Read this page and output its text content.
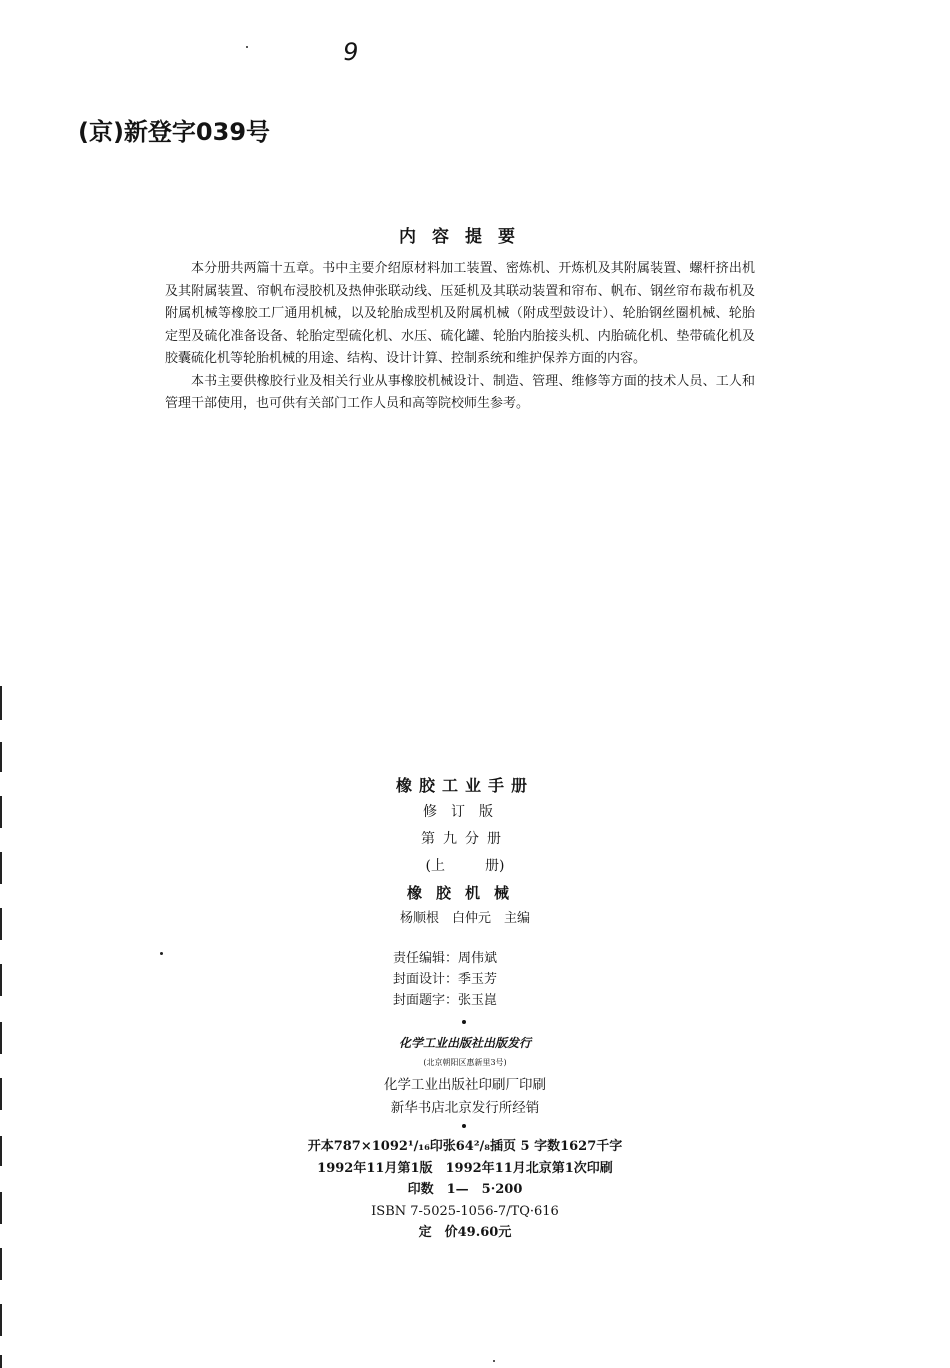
9
(京)新登字039号
内容提要

本分册共两篇十五章。书中主要介绍原材料加工装置、密炼机、开炼机及其附属装置、螺杆挤出机及其附属装置、帘帆布浸胶机及热伸张联动线、压延机及其联动装置和帘布、帆布、钢丝帘布裁布机及附属机械等橡胶工厂通用机械，以及轮胎成型机及附属机械（附成型鼓设计）、轮胎钢丝圈机械、轮胎定型及硫化准备设备、轮胎定型硫化机、水压、硫化罐、轮胎内胎接头机、内胎硫化机、垫带硫化机及胶囊硫化机等轮胎机械的用途、结构、设计计算、控制系统和维护保养方面的内容。

本书主要供橡胶行业及相关行业从事橡胶机械设计、制造、管理、维修等方面的技术人员、工人和管理干部使用，也可供有关部门工作人员和高等院校师生参考。

橡胶工业手册
修订版
第九分册
(上	册)
橡胶机械
杨顺根　白仲元　主编
责任编辑：周伟斌
封面设计：季玉芳
封面题字：张玉崑
化学工业出版社出版发行
(北京朝阳区惠新里3号)
化学工业出版社印刷厂印刷
新华书店北京发行所经销
开本787×1092¹/₁₆印张64²/₈插页 5 字数1627千字
1992年11月第1版　1992年11月北京第1次印刷
印数　1—　5·200
ISBN 7-5025-1056-7/TQ·616
定　价49.60元
